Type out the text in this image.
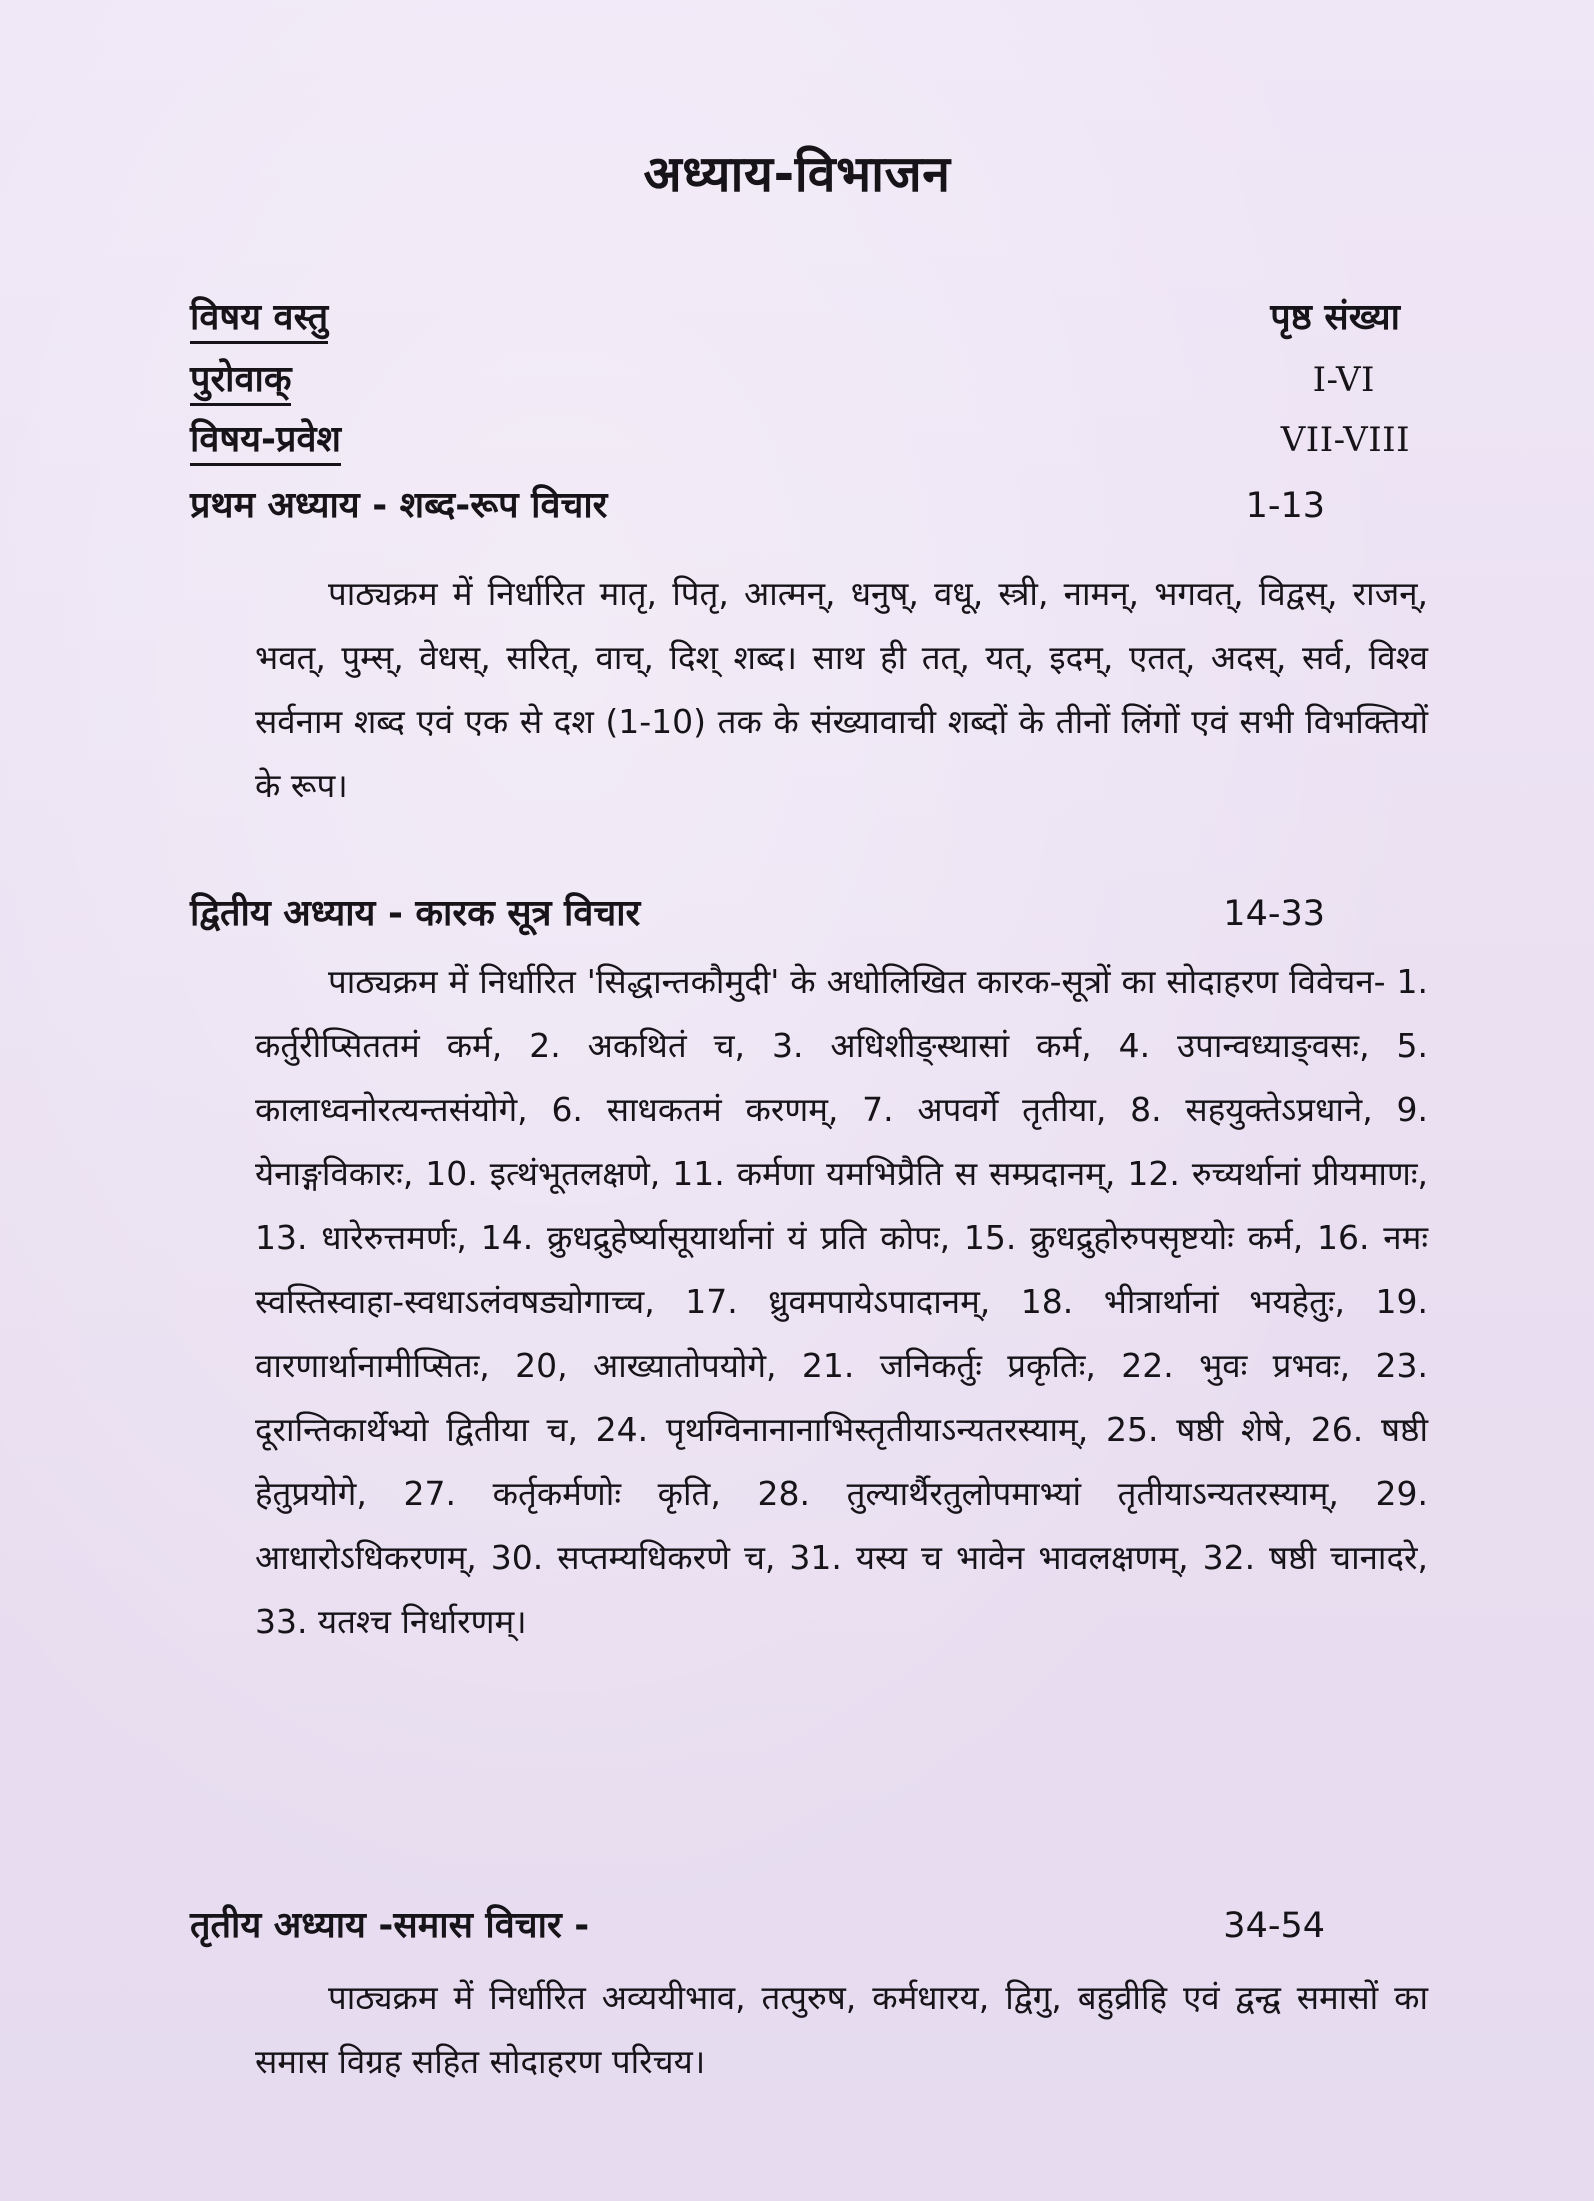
अध्याय-विभाजन
विषय वस्तु	पृष्ठ संख्या
पुरोवाक्	I-VI
विषय-प्रवेश	VII-VIII
प्रथम अध्याय - शब्द-रूप विचार	1-13
पाठ्यक्रम में निर्धारित मातृ, पितृ, आत्मन्, धनुष्, वधू, स्त्री, नामन्, भगवत्, विद्वस्, राजन्, भवत्, पुम्स्, वेधस्, सरित्, वाच्, दिश् शब्द। साथ ही तत्, यत्, इदम्, एतत्, अदस्, सर्व, विश्व सर्वनाम शब्द एवं एक से दश (1-10) तक के संख्यावाची शब्दों के तीनों लिंगों एवं सभी विभक्तियों के रूप।
द्वितीय अध्याय - कारक सूत्र विचार	14-33
पाठ्यक्रम में निर्धारित 'सिद्धान्तकौमुदी' के अधोलिखित कारक-सूत्रों का सोदाहरण विवेचन- 1. कर्तुरीप्सिततमं कर्म, 2. अकथितं च, 3. अधिशीङ्स्थासां कर्म, 4. उपान्वध्याङ्वसः, 5. कालाध्वनोरत्यन्तसंयोगे, 6. साधकतमं करणम्, 7. अपवर्गे तृतीया, 8. सहयुक्तेऽप्रधाने, 9. येनाङ्गविकारः, 10. इत्थंभूतलक्षणे, 11. कर्मणा यमभिप्रैति स सम्प्रदानम्, 12. रुच्यर्थानां प्रीयमाणः, 13. धारेरुत्तमर्णः, 14. क्रुधद्रुहेर्ष्यासूयार्थानां यं प्रति कोपः, 15. क्रुधद्रुहोरुपसृष्टयोः कर्म, 16. नमः स्वस्तिस्वाहा-स्वधाऽलंवषड्योगाच्च, 17. ध्रुवमपायेऽपादानम्, 18. भीत्रार्थानां भयहेतुः, 19. वारणार्थानामीप्सितः, 20, आख्यातोपयोगे, 21. जनिकर्तुः प्रकृतिः, 22. भुवः प्रभवः, 23. दूरान्तिकार्थेभ्यो द्वितीया च, 24. पृथग्विनानानाभिस्तृतीयाऽन्यतरस्याम्, 25. षष्ठी शेषे, 26. षष्ठी हेतुप्रयोगे, 27. कर्तृकर्मणोः कृति, 28. तुल्यार्थैरतुलोपमाभ्यां तृतीयाऽन्यतरस्याम्, 29. आधारोऽधिकरणम्, 30. सप्तम्यधिकरणे च, 31. यस्य च भावेन भावलक्षणम्, 32. षष्ठी चानादरे, 33. यतश्च निर्धारणम्।
तृतीय अध्याय -समास विचार -	34-54
पाठ्यक्रम में निर्धारित अव्ययीभाव, तत्पुरुष, कर्मधारय, द्विगु, बहुव्रीहि एवं द्वन्द्व समासों का समास विग्रह सहित सोदाहरण परिचय।
